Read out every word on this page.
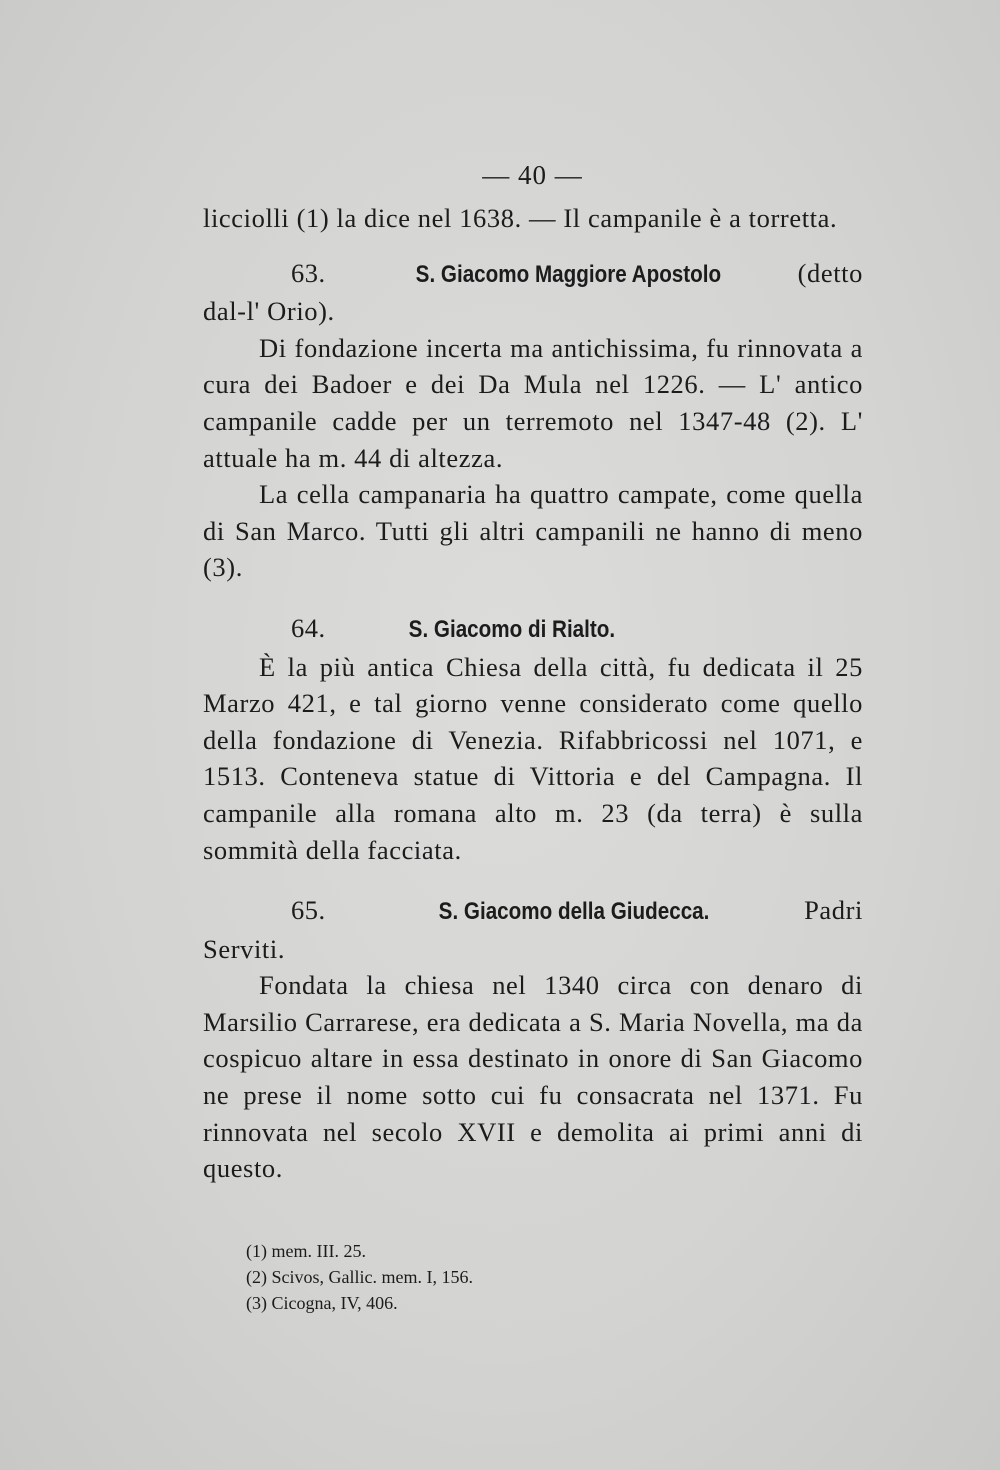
— 40 —

licciolli (1) la dice nel 1638. — Il campanile è a torretta.

63.	S. Giacomo Maggiore Apostolo	(detto dal-l' Orio).

Di fondazione incerta ma antichissima, fu rinnovata a cura dei Badoer e dei Da Mula nel 1226. — L' antico campanile cadde per un terremoto nel 1347-48 (2). L' attuale ha m. 44 di altezza.

La cella campanaria ha quattro campate, come quella di San Marco. Tutti gli altri campanili ne hanno di meno (3).

64.	S. Giacomo di Rialto.

È la più antica Chiesa della città, fu dedicata il 25 Marzo 421, e tal giorno venne considerato come quello della fondazione di Venezia. Rifabbricossi nel 1071, e 1513. Conteneva statue di Vittoria e del Campagna. Il campanile alla romana alto m. 23 (da terra) è sulla sommità della facciata.

65.	S. Giacomo della Giudecca.	Padri Serviti.

Fondata la chiesa nel 1340 circa con denaro di Marsilio Carrarese, era dedicata a S. Maria Novella, ma da cospicuo altare in essa destinato in onore di San Giacomo ne prese il nome sotto cui fu consacrata nel 1371. Fu rinnovata nel secolo XVII e demolita ai primi anni di questo.

(1) mem. III. 25.
(2) Scivos, Gallic. mem. I, 156.
(3) Cicogna, IV, 406.
